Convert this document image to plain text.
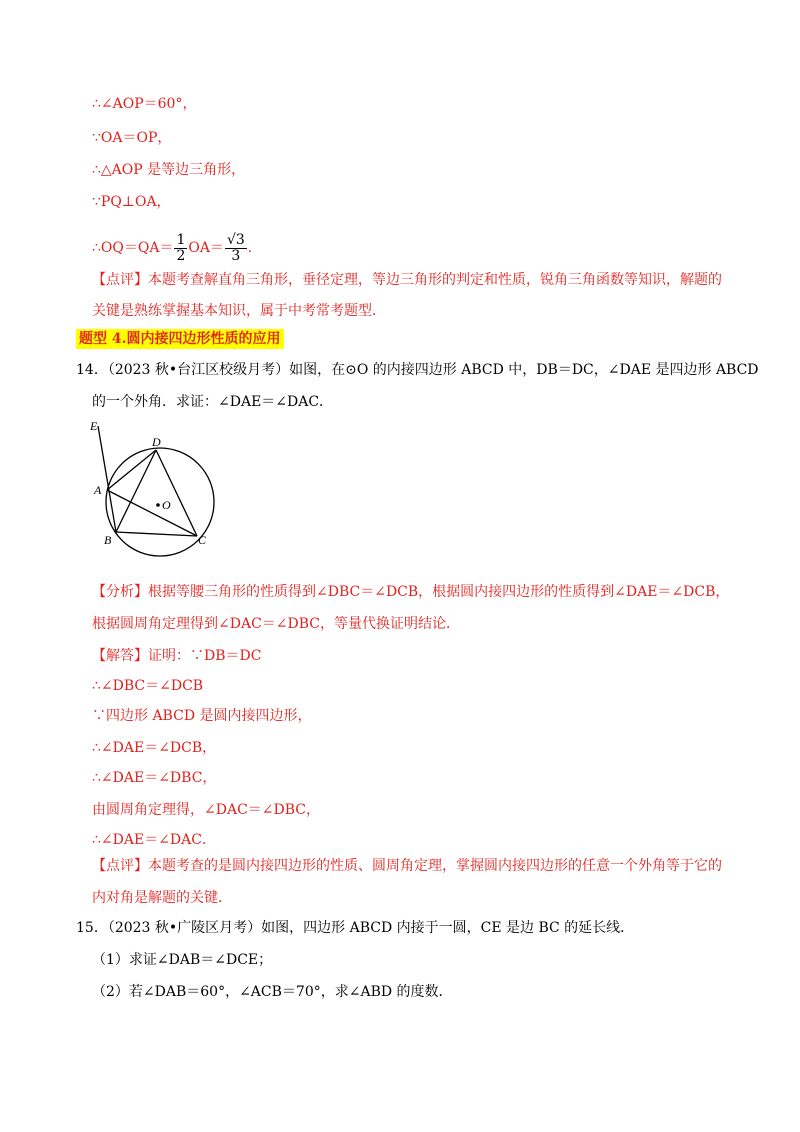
∴∠AOP＝60°，
∵OA＝OP，
∴△AOP 是等边三角形，
∵PQ⊥OA，
∴OQ＝QA＝ $\frac{1}{2} OA= \frac{√3}{3}$ ．
【点评】本题考查解直角三角形，垂径定理，等边三角形的判定和性质，锐角三角函数等知识，解题的
关键是熟练掌握基本知识，属于中考常考题型．
题型 4.圆内接四边形性质的应用
14．（2023 秋•台江区校级月考）如图，在⊙O 的内接四边形 ABCD 中，DB＝DC，∠DAE 是四边形 ABCD
的一个外角．求证：∠DAE＝∠DAC．
E
D
A
O
B	C
【分析】根据等腰三角形的性质得到∠DBC＝∠DCB，根据圆内接四边形的性质得到∠DAE＝∠DCB，
根据圆周角定理得到∠DAC＝∠DBC，等量代换证明结论．
【解答】证明：∵DB＝DC
∴∠DBC＝∠DCB
∵四边形 ABCD 是圆内接四边形，
∴∠DAE＝∠DCB，
∴∠DAE＝∠DBC，
由圆周角定理得，∠DAC＝∠DBC，
∴∠DAE＝∠DAC．
【点评】本题考查的是圆内接四边形的性质、圆周角定理，掌握圆内接四边形的任意一个外角等于它的
内对角是解题的关键．
15．（2023 秋•广陵区月考）如图，四边形 ABCD 内接于一圆，CE 是边 BC 的延长线．
（1）求证∠DAB＝∠DCE；
（2）若∠DAB＝60°，∠ACB＝70°，求∠ABD 的度数．
